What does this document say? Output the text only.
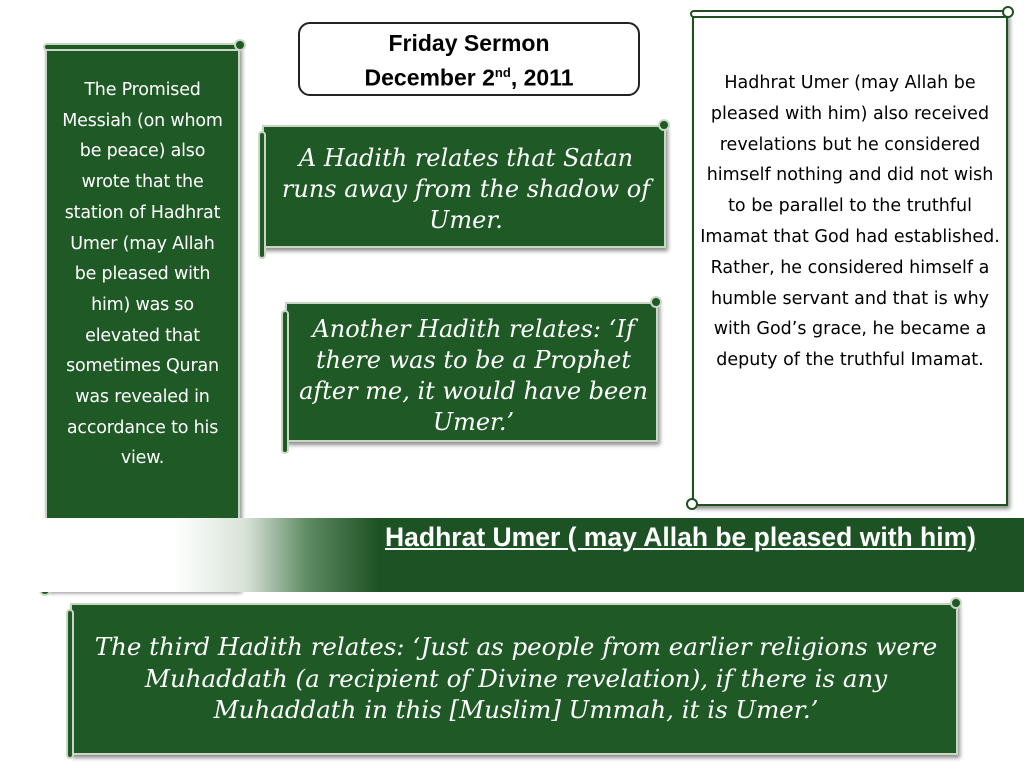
The Promised Messiah (on whom be peace) also wrote that the station of Hadhrat Umer (may Allah be pleased with him) was so elevated that sometimes Quran was revealed in accordance to his view.
Friday Sermon
December 2nd, 2011
A Hadith relates that Satan runs away from the shadow of Umer.
Another Hadith relates: ‘If there was to be a Prophet after me, it would have been Umer.’
Hadhrat Umer (may Allah be pleased with him) also received revelations but he considered himself nothing and did not wish to be parallel to the truthful Imamat that God had established. Rather, he considered himself a humble servant and that is why with God’s grace, he became a deputy of the truthful Imamat.
Hadhrat Umer ( may Allah be pleased with him)
The third Hadith relates: ‘Just as people from earlier religions were Muhaddath (a recipient of Divine revelation), if there is any Muhaddath in this [Muslim] Ummah, it is Umer.’
